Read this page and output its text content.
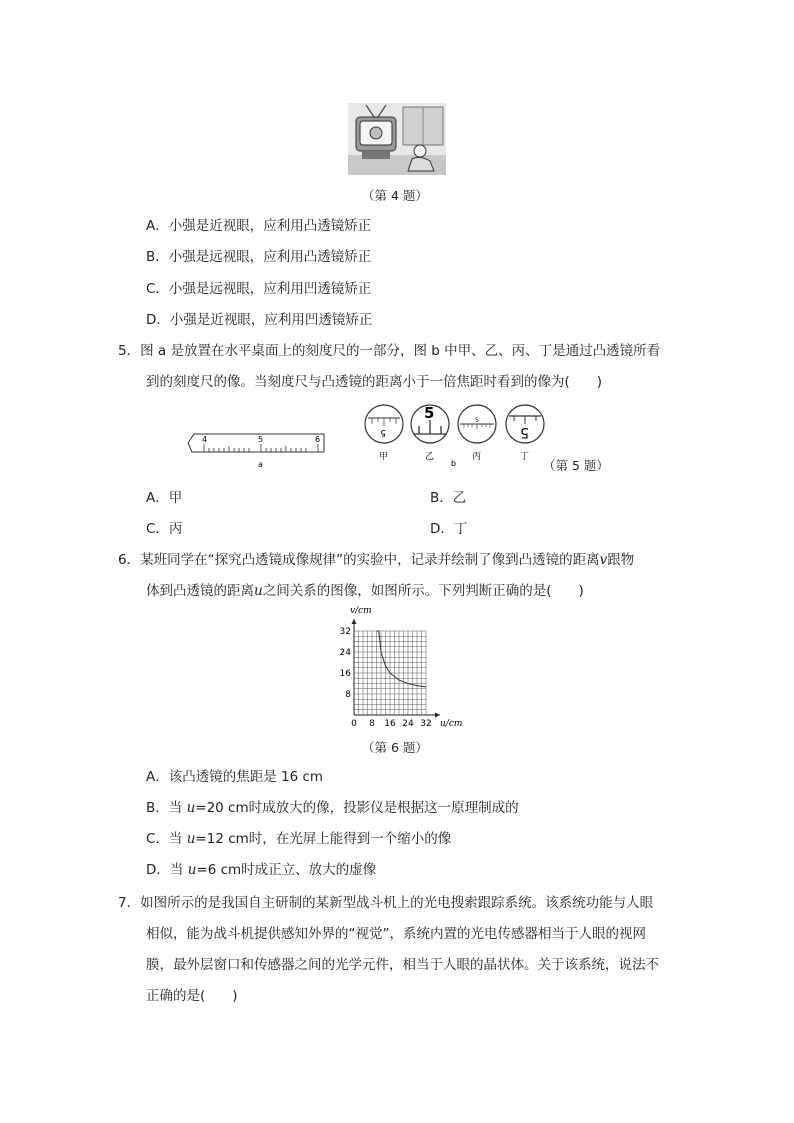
（第 4 题）
A．小强是近视眼，应利用凸透镜矫正
B．小强是远视眼，应利用凸透镜矫正
C．小强是远视眼，应利用凹透镜矫正
D．小强是近视眼，应利用凹透镜矫正
5．图 a 是放置在水平桌面上的刻度尺的一部分，图 b 中甲、乙、丙、丁是通过凸透镜所看
到的刻度尺的像。当刻度尺与凸透镜的距离小于一倍焦距时看到的像为(　　)
4	5	6
a
5
5	5
5
甲	乙
b
丙	丁
（第 5 题）
A．甲	B．乙
C．丙	D．丁
6．某班同学在“探究凸透镜成像规律”的实验中，记录并绘制了像到凸透镜的距离v跟物
体到凸透镜的距离u之间关系的图像，如图所示。下列判断正确的是(　　)
0 8 16 24 32
32
24
16
8
u/cm
v/cm
（第 6 题）
A．该凸透镜的焦距是 16 cm
B．当 u=20 cm时成放大的像，投影仪是根据这一原理制成的
C．当 u=12 cm时，在光屏上能得到一个缩小的像
D．当 u=6 cm时成正立、放大的虚像
7．如图所示的是我国自主研制的某新型战斗机上的光电搜索跟踪系统。该系统功能与人眼
相似，能为战斗机提供感知外界的“视觉”，系统内置的光电传感器相当于人眼的视网
膜，最外层窗口和传感器之间的光学元件，相当于人眼的晶状体。关于该系统，说法不
正确的是(　　)
